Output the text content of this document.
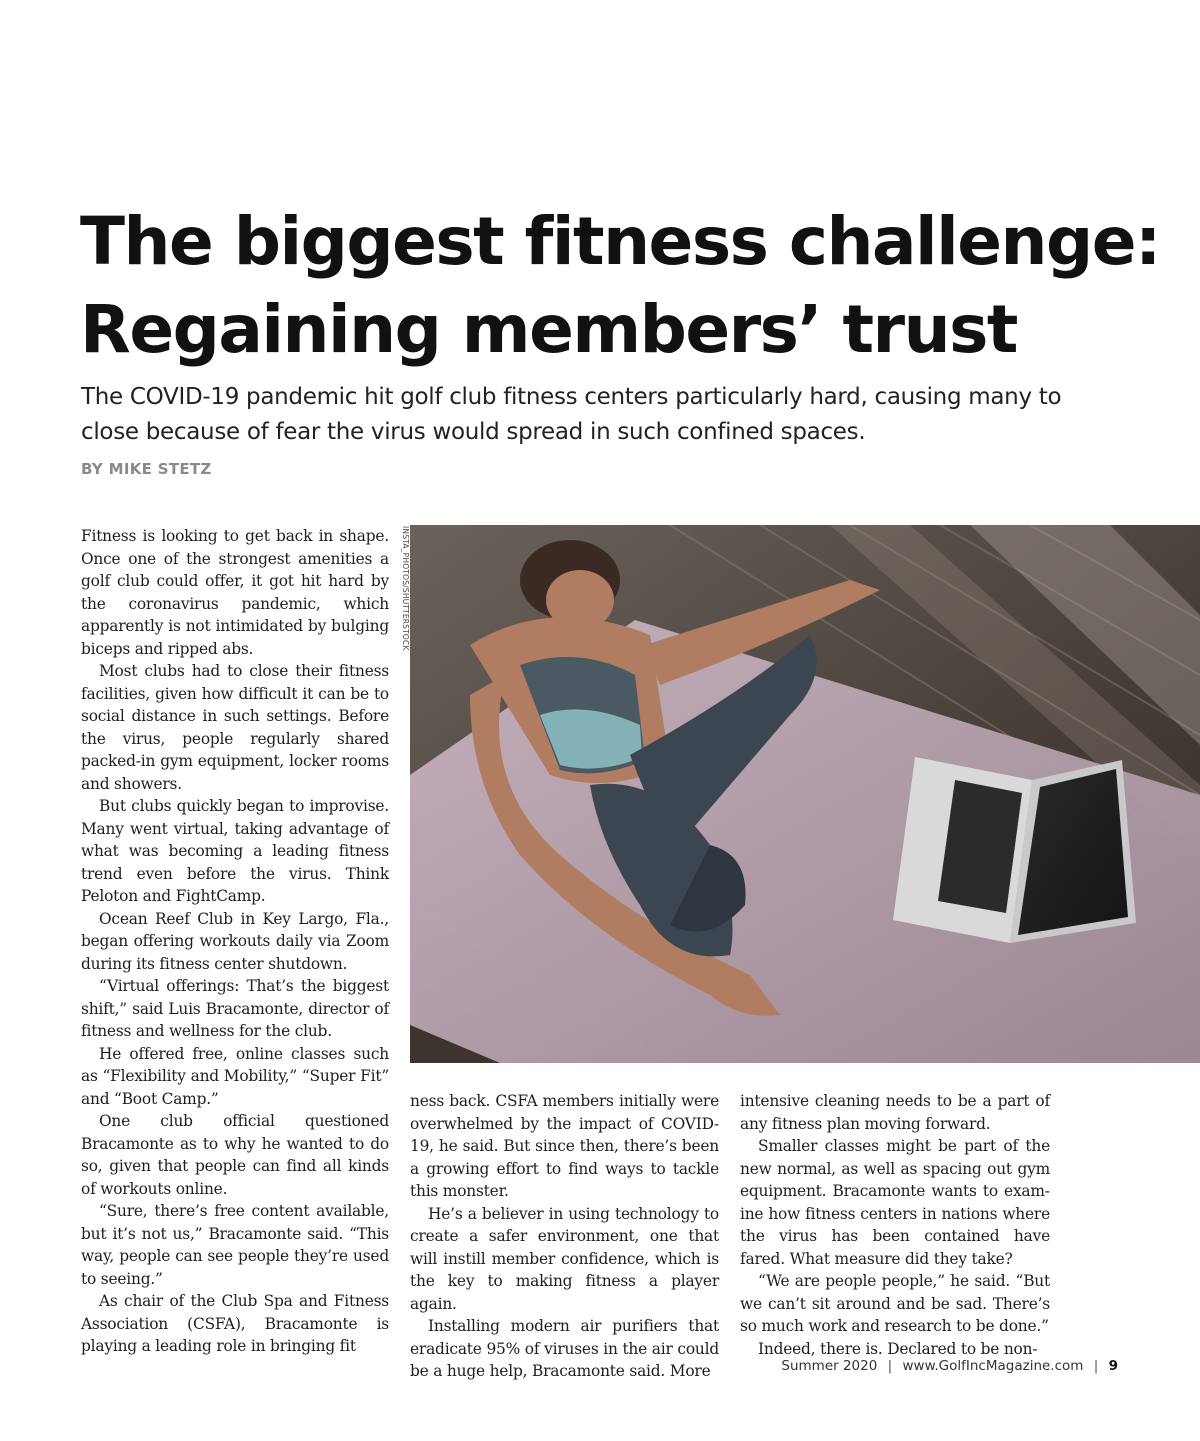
The biggest fitness challenge:
Regaining members’ trust

The COVID-19 pandemic hit golf club fitness centers particularly hard, causing many to close because of fear the virus would spread in such confined spaces.

BY MIKE STETZ

Fitness is looking to get back in shape. Once one of the strongest amenities a golf club could offer, it got hit hard by the coronavirus pandemic, which apparently is not intimidated by bulging biceps and ripped abs.

Most clubs had to close their fitness facilities, given how difficult it can be to social distance in such settings. Before the virus, people regularly shared packed-in gym equipment, locker rooms and showers.

But clubs quickly began to improvise. Many went virtual, taking advantage of what was becoming a leading fitness trend even before the virus. Think Peloton and FightCamp.

Ocean Reef Club in Key Largo, Fla., began offering workouts daily via Zoom during its fitness center shutdown.

“Virtual offerings: That’s the biggest shift,” said Luis Bracamonte, director of fitness and wellness for the club.

He offered free, online classes such as “Flexibility and Mobility,” “Super Fit” and “Boot Camp.”

One club official questioned Bracamonte as to why he wanted to do so, given that people can find all kinds of workouts online.

“Sure, there’s free content available, but it’s not us,” Bracamonte said. “This way, people can see people they’re used to seeing.”

As chair of the Club Spa and Fitness Association (CSFA), Bracamonte is playing a leading role in bringing fit

INSTA_PHOTOS/SHUTTERSTOCK

ness back. CSFA members initially were overwhelmed by the impact of COVID-19, he said. But since then, there’s been a growing effort to find ways to tackle this monster.

He’s a believer in using technology to create a safer environment, one that will instill member confidence, which is the key to making fitness a player again.

Installing modern air purifiers that eradicate 95% of viruses in the air could be a huge help, Bracamonte said. More

intensive cleaning needs to be a part of any fitness plan moving forward.

Smaller classes might be part of the new normal, as well as spacing out gym equipment. Bracamonte wants to examine how fitness centers in nations where the virus has been contained have fared. What measure did they take?

“We are people people,” he said. “But we can’t sit around and be sad. There’s so much work and research to be done.”

Indeed, there is. Declared to be non-

Summer 2020 | www.GolfIncMagazine.com | 9
